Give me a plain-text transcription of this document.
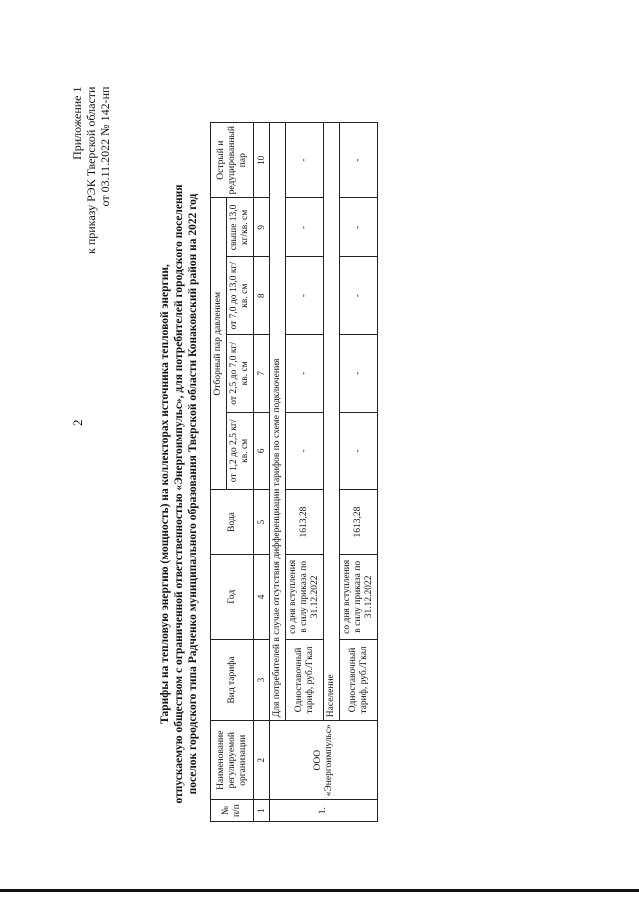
2
Приложение 1 к приказу РЭК Тверской области от 03.11.2022 № 142-нп
Тарифы на тепловую энергию (мощность) на коллекторах источника тепловой энергии, отпускаемую обществом с ограниченной ответственностью «Энергоимпульс», для потребителей городского поселения поселок городского типа Радченко муниципального образования Тверской области Конаковский район на 2022 год
№ п/п	Наименование регулируемой организации	Вид тарифа	Год	Вода	Отборный пар давлением				Острый и редуцированный пар
					от 1,2 до 2,5 кг/кв. см	от 2,5 до 7,0 кг/кв. см	от 7,0 до 13,0 кг/кв. см	свыше 13,0 кг/кв. см	
1	2	3	4	5	6	7	8	9	10
1.	ООО «Энергоимпульс»	Для потребителей в случае отсутствия дифференциации тарифов по схеме подключения							
		Одноставочный тариф, руб./Гкал	со дня вступления в силу приказа по 31.12.2022	1613,28	-	-	-	-	-
		Население							
		Одноставочный тариф, руб./Гкал	со дня вступления в силу приказа по 31.12.2022	1613,28	-	-	-	-	-
